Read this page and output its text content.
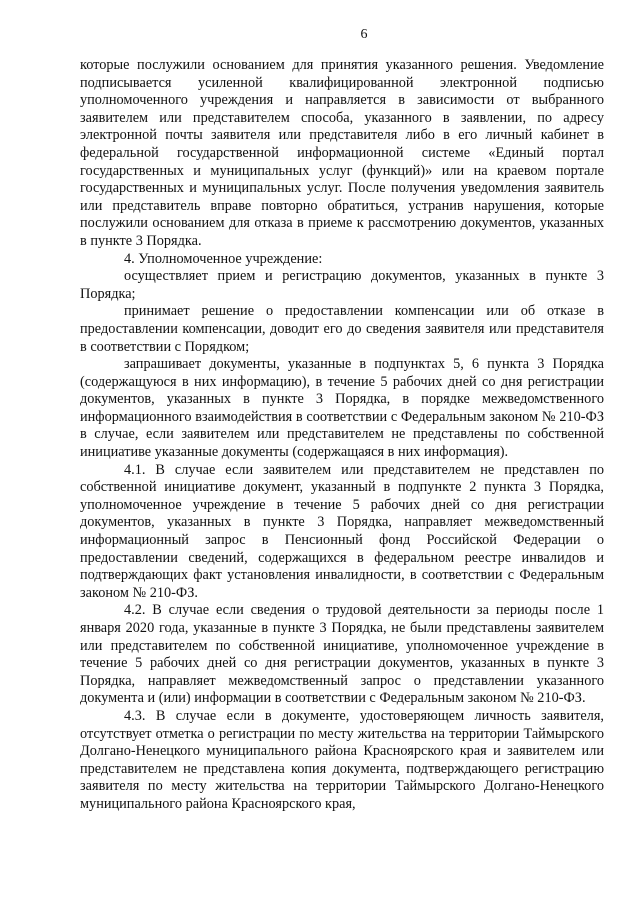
6

которые послужили основанием для принятия указанного решения. Уведомление подписывается усиленной квалифицированной электронной подписью уполномоченного учреждения и направляется в зависимости от выбранного заявителем или представителем способа, указанного в заявлении, по адресу электронной почты заявителя или представителя либо в его личный кабинет в федеральной государственной информационной системе «Единый портал государственных и муниципальных услуг (функций)» или на краевом портале государственных и муниципальных услуг. После получения уведомления заявитель или представитель вправе повторно обратиться, устранив нарушения, которые послужили основанием для отказа в приеме к рассмотрению документов, указанных в пункте 3 Порядка.

4. Уполномоченное учреждение:

осуществляет прием и регистрацию документов, указанных в пункте 3 Порядка;

принимает решение о предоставлении компенсации или об отказе в предоставлении компенсации, доводит его до сведения заявителя или представителя в соответствии с Порядком;

запрашивает документы, указанные в подпунктах 5, 6 пункта 3 Порядка (содержащуюся в них информацию), в течение 5 рабочих дней со дня регистрации документов, указанных в пункте 3 Порядка, в порядке межведомственного информационного взаимодействия в соответствии с Федеральным законом № 210-ФЗ в случае, если заявителем или представителем не представлены по собственной инициативе указанные документы (содержащаяся в них информация).

4.1. В случае если заявителем или представителем не представлен по собственной инициативе документ, указанный в подпункте 2 пункта 3 Порядка, уполномоченное учреждение в течение 5 рабочих дней со дня регистрации документов, указанных в пункте 3 Порядка, направляет межведомственный информационный запрос в Пенсионный фонд Российской Федерации о предоставлении сведений, содержащихся в федеральном реестре инвалидов и подтверждающих факт установления инвалидности, в соответствии с Федеральным законом № 210-ФЗ.

4.2. В случае если сведения о трудовой деятельности за периоды после 1 января 2020 года, указанные в пункте 3 Порядка, не были представлены заявителем или представителем по собственной инициативе, уполномоченное учреждение в течение 5 рабочих дней со дня регистрации документов, указанных в пункте 3 Порядка, направляет межведомственный запрос о представлении указанного документа и (или) информации в соответствии с Федеральным законом № 210-ФЗ.

4.3. В случае если в документе, удостоверяющем личность заявителя, отсутствует отметка о регистрации по месту жительства на территории Таймырского Долгано-Ненецкого муниципального района Красноярского края и заявителем или представителем не представлена копия документа, подтверждающего регистрацию заявителя по месту жительства на территории Таймырского Долгано-Ненецкого муниципального района Красноярского края,
